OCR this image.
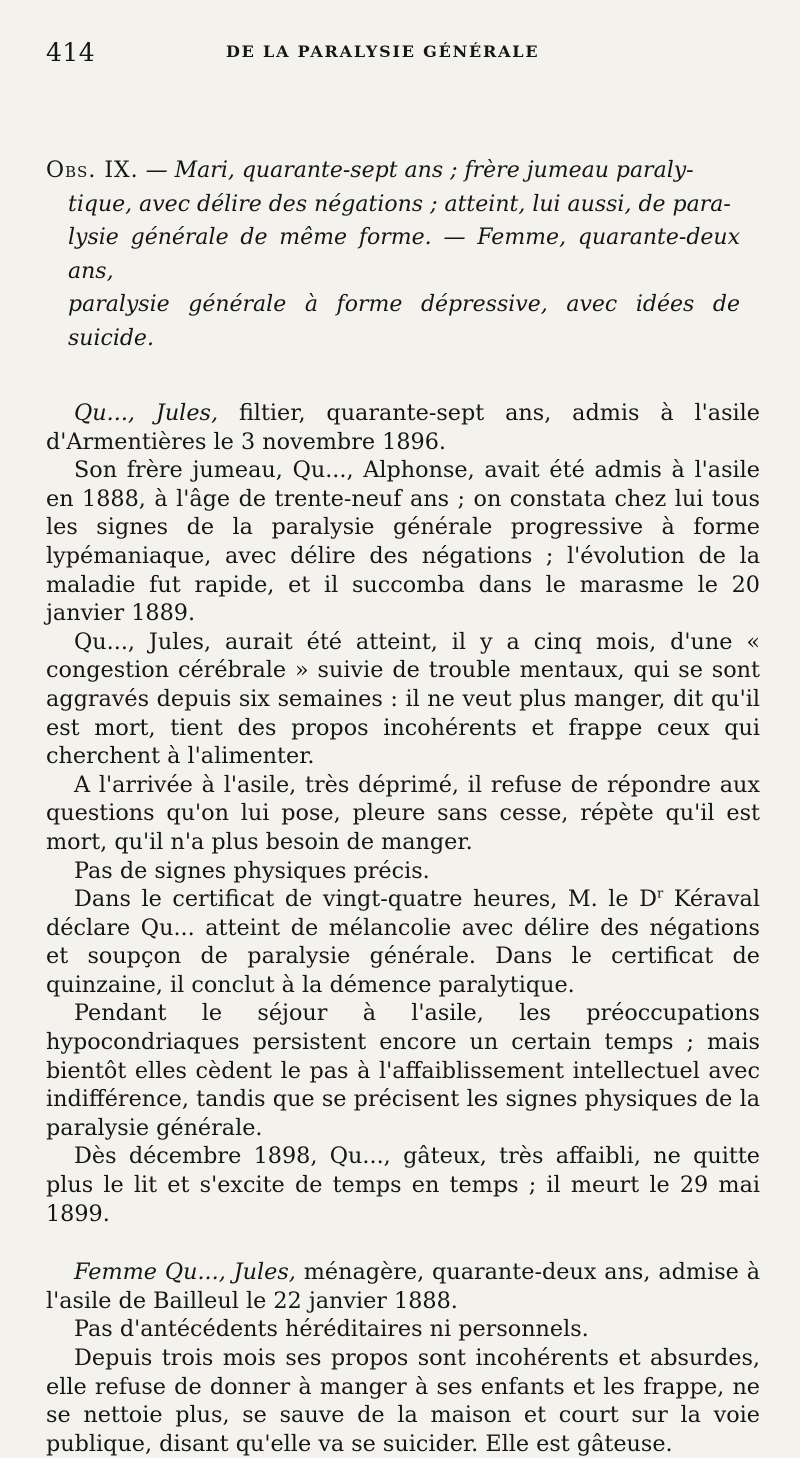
414	DE LA PARALYSIE GÉNÉRALE
Obs. IX. — Mari, quarante-sept ans ; frère jumeau paraly-
tique, avec délire des négations ; atteint, lui aussi, de para-
lysie générale de même forme. — Femme, quarante-deux ans,
paralysie générale à forme dépressive, avec idées de suicide.

Qu..., Jules, filtier, quarante-sept ans, admis à l'asile d'Armentières le 3 novembre 1896.

Son frère jumeau, Qu..., Alphonse, avait été admis à l'asile en 1888, à l'âge de trente-neuf ans ; on constata chez lui tous les signes de la paralysie générale progressive à forme lypémaniaque, avec délire des négations ; l'évolution de la maladie fut rapide, et il succomba dans le marasme le 20 janvier 1889.

Qu..., Jules, aurait été atteint, il y a cinq mois, d'une « congestion cérébrale » suivie de trouble mentaux, qui se sont aggravés depuis six semaines : il ne veut plus manger, dit qu'il est mort, tient des propos incohérents et frappe ceux qui cherchent à l'alimenter.

A l'arrivée à l'asile, très déprimé, il refuse de répondre aux questions qu'on lui pose, pleure sans cesse, répète qu'il est mort, qu'il n'a plus besoin de manger.

Pas de signes physiques précis.

Dans le certificat de vingt-quatre heures, M. le $D^r$ Kéraval déclare Qu... atteint de mélancolie avec délire des négations et soupçon de paralysie générale. Dans le certificat de quinzaine, il conclut à la démence paralytique.

Pendant le séjour à l'asile, les préoccupations hypocondriaques persistent encore un certain temps ; mais bientôt elles cèdent le pas à l'affaiblissement intellectuel avec indifférence, tandis que se précisent les signes physiques de la paralysie générale.

Dès décembre 1898, Qu..., gâteux, très affaibli, ne quitte plus le lit et s'excite de temps en temps ; il meurt le 29 mai 1899.

Femme Qu..., Jules, ménagère, quarante-deux ans, admise à l'asile de Bailleul le 22 janvier 1888.

Pas d'antécédents héréditaires ni personnels.

Depuis trois mois ses propos sont incohérents et absurdes, elle refuse de donner à manger à ses enfants et les frappe, ne se nettoie plus, se sauve de la maison et court sur la voie publique, disant qu'elle va se suicider. Elle est gâteuse.
